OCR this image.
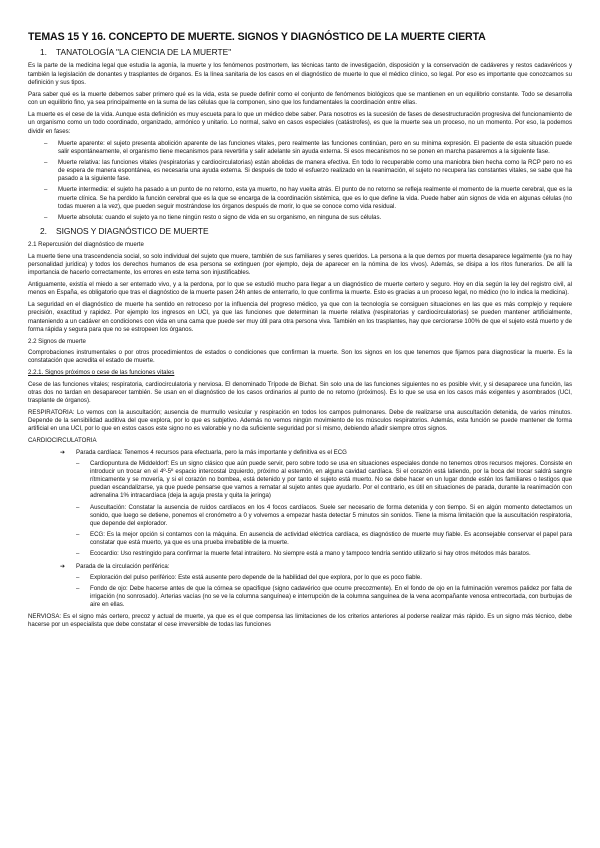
TEMAS 15 Y 16. CONCEPTO DE MUERTE. SIGNOS Y DIAGNÓSTICO DE LA MUERTE CIERTA
1. TANATOLOGÍA "LA CIENCIA DE LA MUERTE"

Es la parte de la medicina legal que estudia la agonía, la muerte y los fenómenos postmortem, las técnicas tanto de investigación, disposición y la conservación de cadáveres y restos cadavéricos y también la legislación de donantes y trasplantes de órganos. Es la línea sanitaria de los casos en el diagnóstico de muerte lo que el médico clínico, so legal. Por eso es importante que conozcamos su definición y sus tipos.

Para saber qué es la muerte debemos saber primero qué es la vida, esta se puede definir como el conjunto de fenómenos biológicos que se mantienen en un equilibrio constante. Todo se desarrolla con un equilibrio fino, ya sea principalmente en la suma de las células que la componen, sino que los fundamentales la coordinación entre ellas.

La muerte es el cese de la vida. Aunque esta definición es muy escueta para lo que un médico debe saber. Para nosotros es la sucesión de fases de desestructuración progresiva del funcionamiento de un organismo como un todo coordinado, organizado, armónico y unitario. Lo normal, salvo en casos especiales (catástrofes), es que la muerte sea un proceso, no un momento. Por eso, la podemos dividir en fases:

– Muerte aparente: el sujeto presenta abolición aparente de las funciones vitales, pero realmente las funciones continúan, pero en su mínima expresión. El paciente de esta situación puede salir espontáneamente, el organismo tiene mecanismos para revertirla y salir adelante sin ayuda externa. Si esos mecanismos no se ponen en marcha pasaremos a la siguiente fase.
– Muerte relativa: las funciones vitales (respiratorias y cardiocirculatorias) están abolidas de manera efectiva. En todo lo recuperable como una maniobra bien hecha como la RCP pero no es de espera de manera espontánea, es necesaria una ayuda externa. Si después de todo el esfuerzo realizado en la reanimación, el sujeto no recupera las constantes vitales, se sabe que ha pasado a la siguiente fase.
– Muerte intermedia: el sujeto ha pasado a un punto de no retorno, esta ya muerto, no hay vuelta atrás. El punto de no retorno se refleja realmente el momento de la muerte cerebral, que es la muerte clínica. Se ha perdido la función cerebral que es la que se encarga de la coordinación sistémica, que es lo que define la vida. Puede haber aún signos de vida en algunas células (no todas mueren a la vez), que pueden seguir mostrándose los órganos después de morir, lo que se conoce como vida residual.
– Muerte absoluta: cuando el sujeto ya no tiene ningún resto o signo de vida en su organismo, en ninguna de sus células.
2. SIGNOS Y DIAGNÓSTICO DE MUERTE
2.1 Repercusión del diagnóstico de muerte

La muerte tiene una trascendencia social, so solo individual del sujeto que muere, también de sus familiares y seres queridos. La persona a la que demos por muerta desaparece legalmente (ya no hay personalidad jurídica) y todos los derechos humanos de esa persona se extinguen (por ejemplo, deja de aparecer en la nómina de los vivos). Además, se disipa a los ritos funerarios. De allí la importancia de hacerlo correctamente, los errores en este tema son injustificables.

Antiguamente, existía el miedo a ser enterrado vivo, y a la perdona, por lo que se estudió mucho para llegar a un diagnóstico de muerte certero y seguro. Hoy en día según la ley del registro civil, al menos en España, es obligatorio que tras el diagnóstico de la muerte pasen 24h antes de enterrarlo, lo que confirma la muerte. Esto es gracias a un proceso legal, no médico (no lo indica la medicina).

La seguridad en el diagnóstico de muerte ha sentido en retroceso por la influencia del progreso médico, ya que con la tecnología se consiguen situaciones en las que es más complejo y requiere precisión, exactitud y rapidez. Por ejemplo los ingresos en UCI, ya que las funciones que determinan la muerte relativa (respiratorias y cardiocirculatorias) se pueden mantener artificialmente, manteniendo a un cadáver en condiciones con vida en una cama que puede ser muy útil para otra persona viva. También en los trasplantes, hay que cerciorarse 100% de que el sujeto está muerto y de forma rápida y segura para que no se estropeen los órganos.

2.2 Signos de muerte

Comprobaciones instrumentales o por otros procedimientos de estados o condiciones que confirman la muerte. Son los signos en los que tenemos que fijarnos para diagnosticar la muerte. Es la constatación que acredita el estado de muerte.

2.2.1. Signos próximos o cese de las funciones vitales

Cese de las funciones vitales; respiratoria, cardiocirculatoria y nerviosa. El denominado Trípode de Bichat. Sin solo una de las funciones siguientes no es posible vivir, y si desaparece una función, las otras dos no tardan en desaparecer también. Se usan en el diagnóstico de los casos ordinarios al punto de no retorno (próximos). Es lo que se usa en los casos más exigentes y asombrados (UCI, trasplante de órganos).

RESPIRATORIA: Lo vemos con la auscultación; ausencia de murmullo vesicular y respiración en todos los campos pulmonares. Debe de realizarse una auscultación detenida, de varios minutos. Depende de la sensibilidad auditiva del que explora, por lo que es subjetivo. Además no vemos ningún movimiento de los músculos respiratorios. Además, esta función se puede mantener de forma artificial en una UCI, por lo que en estos casos este signo no es valorable y no da suficiente seguridad por sí mismo, debiendo añadir siempre otros signos.

CARDIOCIRCULATORIA
➔ Parada cardíaca: Tenemos 4 recursos para efectuarla, pero la más importante y definitiva es el ECG
– Cardiopuntura de Middeldorf: Es un signo clásico que aún puede servir, pero sobre todo se usa en situaciones especiales donde no tenemos otros recursos mejores. Consiste en introducir un trocar en el 4º-5º espacio intercostal izquierdo, próximo al esternón, en alguna cavidad cardíaca. Si el corazón está latiendo, por la boca del trocar saldrá sangre rítmicamente y se movería, y si el corazón no bombea, está detenido y por tanto el sujeto está muerto. No se debe hacer en un lugar donde estén los familiares o testigos que puedan escandalizarse, ya que puede pensarse que vamos a rematar al sujeto antes que ayudarlo. Por el contrario, es útil en situaciones de parada, durante la reanimación con adrenalina 1% intracardíaca (deja la aguja presta y quita la jeringa)
– Auscultación: Constatar la ausencia de ruidos cardíacos en los 4 focos cardíacos. Suele ser necesario de forma detenida y con tiempo. Si en algún momento detectamos un sonido, que luego se detiene, ponemos el cronómetro a 0 y volvemos a empezar hasta detectar 5 minutos sin sonidos. Tiene la misma limitación que la auscultación respiratoria, que depende del explorador.
– ECG: Es la mejor opción si contamos con la máquina. En ausencia de actividad eléctrica cardíaca, es diagnóstico de muerte muy fiable. Es aconsejable conservar el papel para constatar que está muerto, ya que es una prueba irrebatible de la muerte.
– Ecocardio: Uso restringido para confirmar la muerte fetal intraútero. No siempre está a mano y tampoco tendría sentido utilizarlo si hay otros métodos más baratos.
➔ Parada de la circulación periférica:
– Exploración del pulso periférico: Este está ausente pero depende de la habilidad del que explora, por lo que es poco fiable.
– Fondo de ojo: Debe hacerse antes de que la córnea se opacifique (signo cadavérico que ocurre precozmente). En el fondo de ojo en la fulminación veremos palidez por falta de irrigación (no sonrosado). Arterias vacías (no se ve la columna sanguínea) e interrupción de la columna sanguínea de la vena acompañante venosa entrecortada, con burbujas de aire en ellas.

NERVIOSA: Es el signo más certero, precoz y actual de muerte, ya que es el que compensa las limitaciones de los criterios anteriores al poderse realizar más rápido. Es un signo más técnico, debe hacerse por un especialista que debe constatar el cese irreversible de todas las funciones
